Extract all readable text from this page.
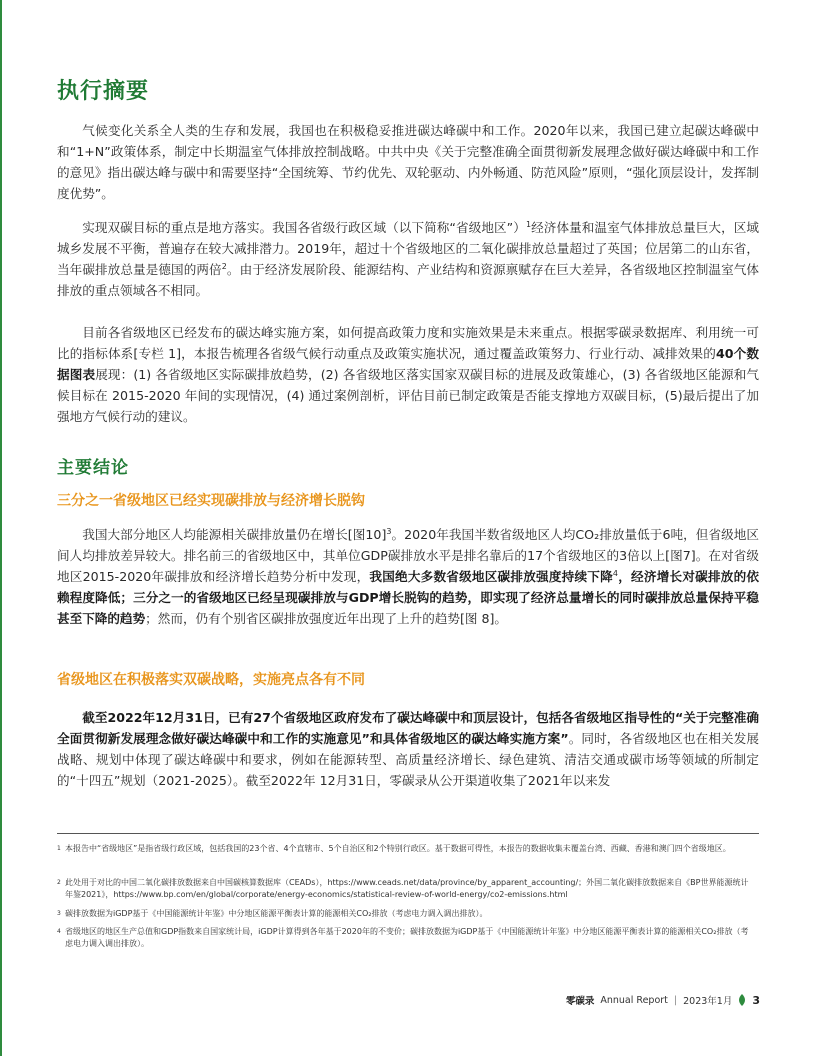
执行摘要

气候变化关系全人类的生存和发展，我国也在积极稳妥推进碳达峰碳中和工作。2020年以来，我国已建立起碳达峰碳中和“1+N”政策体系，制定中长期温室气体排放控制战略。中共中央《关于完整准确全面贯彻新发展理念做好碳达峰碳中和工作的意见》指出碳达峰与碳中和需要坚持“全国统筹、节约优先、双轮驱动、内外畅通、防范风险”原则，“强化顶层设计，发挥制度优势”。

实现双碳目标的重点是地方落实。我国各省级行政区域（以下简称“省级地区”）$^1$经济体量和温室气体排放总量巨大，区域城乡发展不平衡，普遍存在较大减排潜力。2019年，超过十个省级地区的二氧化碳排放总量超过了英国；位居第二的山东省，当年碳排放总量是德国的两倍$^2$。由于经济发展阶段、能源结构、产业结构和资源禀赋存在巨大差异，各省级地区控制温室气体排放的重点领域各不相同。

目前各省级地区已经发布的碳达峰实施方案，如何提高政策力度和实施效果是未来重点。根据零碳录数据库、利用统一可比的指标体系[专栏 1]，本报告梳理各省级气候行动重点及政策实施状况，通过覆盖政策努力、行业行动、减排效果的40个数据图表展现：(1) 各省级地区实际碳排放趋势，(2) 各省级地区落实国家双碳目标的进展及政策雄心，(3) 各省级地区能源和气候目标在 2015-2020 年间的实现情况，(4) 通过案例剖析，评估目前已制定政策是否能支撑地方双碳目标，(5)最后提出了加强地方气候行动的建议。

主要结论
三分之一省级地区已经实现碳排放与经济增长脱钩

我国大部分地区人均能源相关碳排放量仍在增长[图10]$^3$。2020年我国半数省级地区人均CO₂排放量低于6吨，但省级地区间人均排放差异较大。排名前三的省级地区中，其单位GDP碳排放水平是排名靠后的17个省级地区的3倍以上[图7]。在对省级地区2015-2020年碳排放和经济增长趋势分析中发现，我国绝大多数省级地区碳排放强度持续下降$^4$，经济增长对碳排放的依赖程度降低；三分之一的省级地区已经呈现碳排放与GDP增长脱钩的趋势，即实现了经济总量增长的同时碳排放总量保持平稳甚至下降的趋势；然而，仍有个别省区碳排放强度近年出现了上升的趋势[图 8]。

省级地区在积极落实双碳战略，实施亮点各有不同

截至2022年12月31日，已有27个省级地区政府发布了碳达峰碳中和顶层设计，包括各省级地区指导性的“关于完整准确全面贯彻新发展理念做好碳达峰碳中和工作的实施意见”和具体省级地区的碳达峰实施方案”。同时，各省级地区也在相关发展战略、规划中体现了碳达峰碳中和要求，例如在能源转型、高质量经济增长、绿色建筑、清洁交通或碳市场等领域的所制定的“十四五”规划（2021-2025）。截至2022年 12月31日，零碳录从公开渠道收集了2021年以来发

1 本报告中“省级地区”是指省级行政区域，包括我国的23个省、4个直辖市、5个自治区和2个特别行政区。基于数据可得性，本报告的数据收集未覆盖台湾、西藏、香港和澳门四个省级地区。
2 此处用于对比的中国二氧化碳排放数据来自中国碳核算数据库（CEADs），https://www.ceads.net/data/province/by_apparent_accounting/；外国二氧化碳排放数据来自《BP世界能源统计年鉴2021》，https://www.bp.com/en/global/corporate/energy-economics/statistical-review-of-world-energy/co2-emissions.html
3 碳排放数据为iGDP基于《中国能源统计年鉴》中分地区能源平衡表计算的能源相关CO₂排放（考虑电力调入调出排放）。
4 省级地区的地区生产总值和GDP指数来自国家统计局，iGDP计算得到各年基于2020年的不变价；碳排放数据为iGDP基于《中国能源统计年鉴》中分地区能源平衡表计算的能源相关CO₂排放（考虑电力调入调出排放）。
零碳录 Annual Report | 2023年1月 3
